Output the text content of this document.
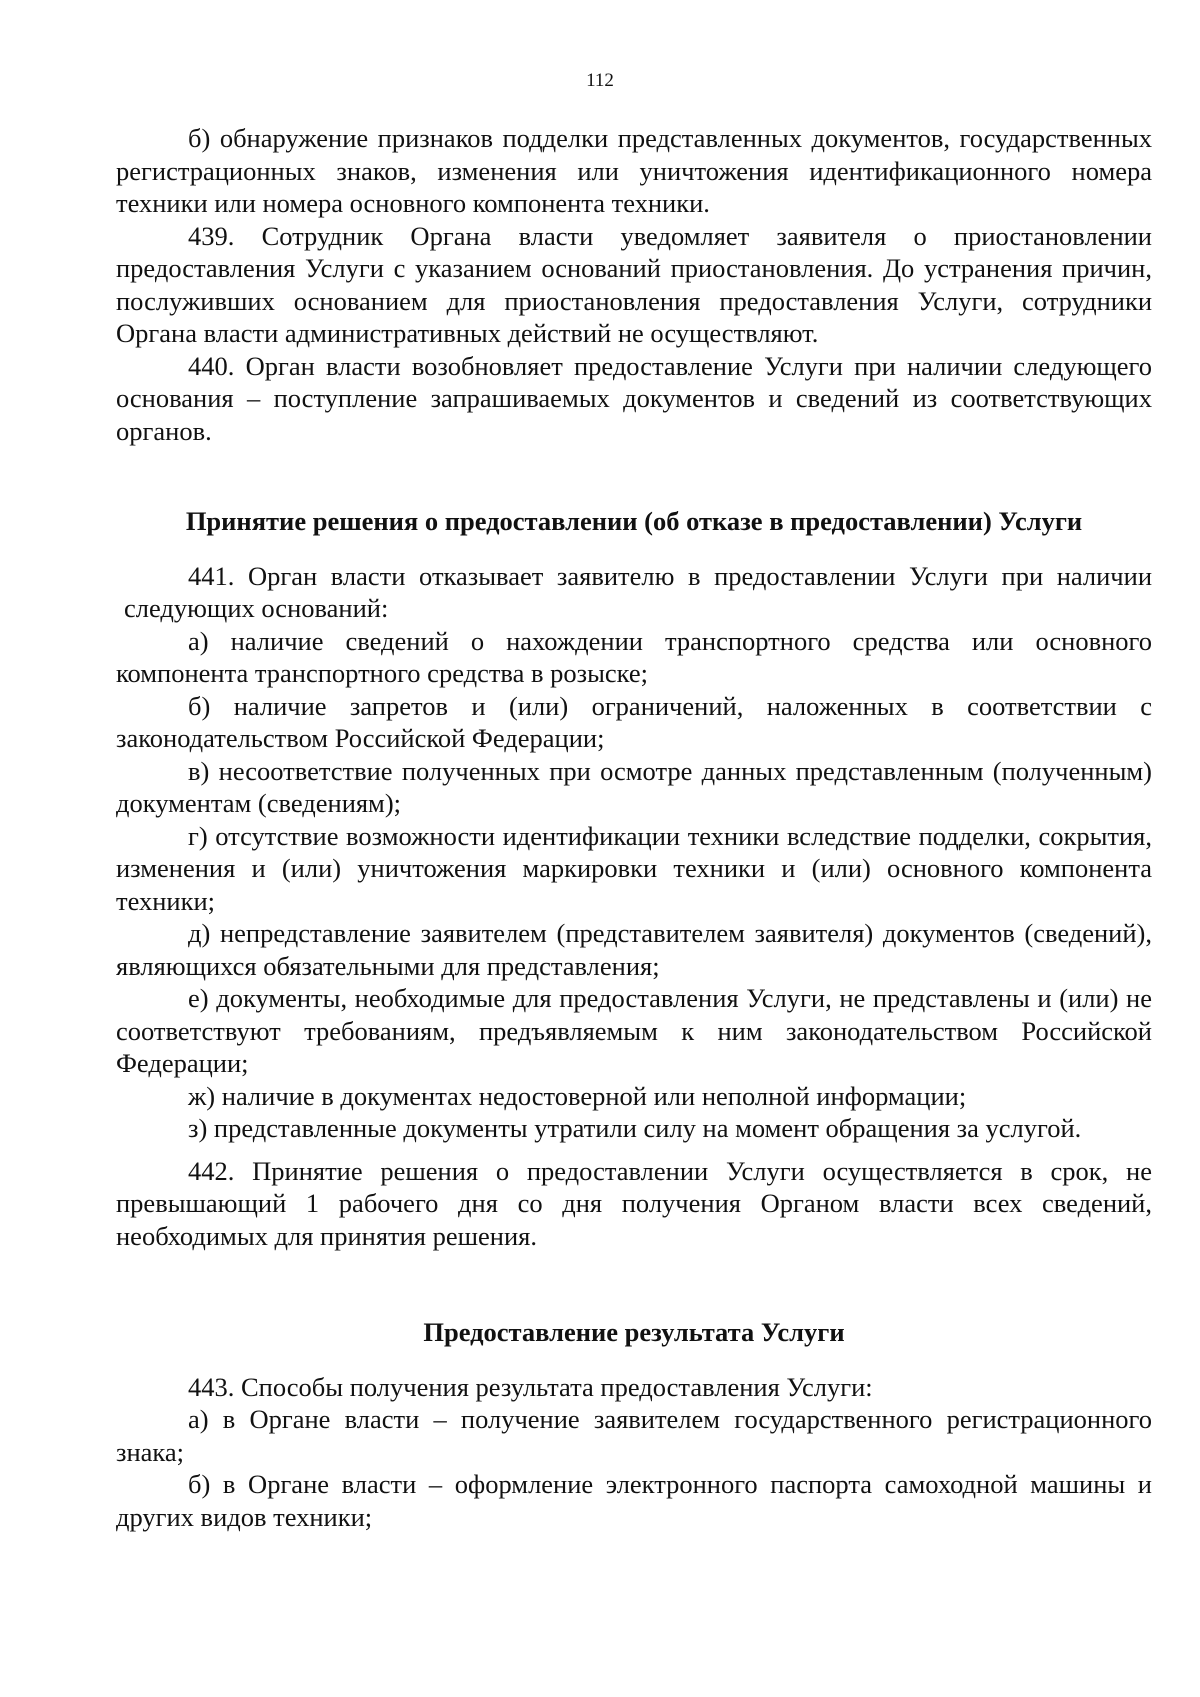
112

б) обнаружение признаков подделки представленных документов, государственных регистрационных знаков, изменения или уничтожения идентификационного номера техники или номера основного компонента техники.

439. Сотрудник Органа власти уведомляет заявителя о приостановлении предоставления Услуги с указанием оснований приостановления. До устранения причин, послуживших основанием для приостановления предоставления Услуги, сотрудники Органа власти административных действий не осуществляют.

440. Орган власти возобновляет предоставление Услуги при наличии следующего основания – поступление запрашиваемых документов и сведений из соответствующих органов.

Принятие решения о предоставлении (об отказе в предоставлении) Услуги

441. Орган власти отказывает заявителю в предоставлении Услуги при наличии

следующих оснований:

а) наличие сведений о нахождении транспортного средства или основного компонента транспортного средства в розыске;

б) наличие запретов и (или) ограничений, наложенных в соответствии с законодательством Российской Федерации;

в) несоответствие полученных при осмотре данных представленным (полученным) документам (сведениям);

г) отсутствие возможности идентификации техники вследствие подделки, сокрытия, изменения и (или) уничтожения маркировки техники и (или) основного компонента техники;

д) непредставление заявителем (представителем заявителя) документов (сведений), являющихся обязательными для представления;

е) документы, необходимые для предоставления Услуги, не представлены и (или) не соответствуют требованиям, предъявляемым к ним законодательством Российской Федерации;

ж) наличие в документах недостоверной или неполной информации;

з) представленные документы утратили силу на момент обращения за услугой.

442. Принятие решения о предоставлении Услуги осуществляется в срок, не превышающий 1 рабочего дня со дня получения Органом власти всех сведений, необходимых для принятия решения.

Предоставление результата Услуги

443. Способы получения результата предоставления Услуги:

а) в Органе власти – получение заявителем государственного регистрационного знака;

б) в Органе власти – оформление электронного паспорта самоходной машины и других видов техники;
